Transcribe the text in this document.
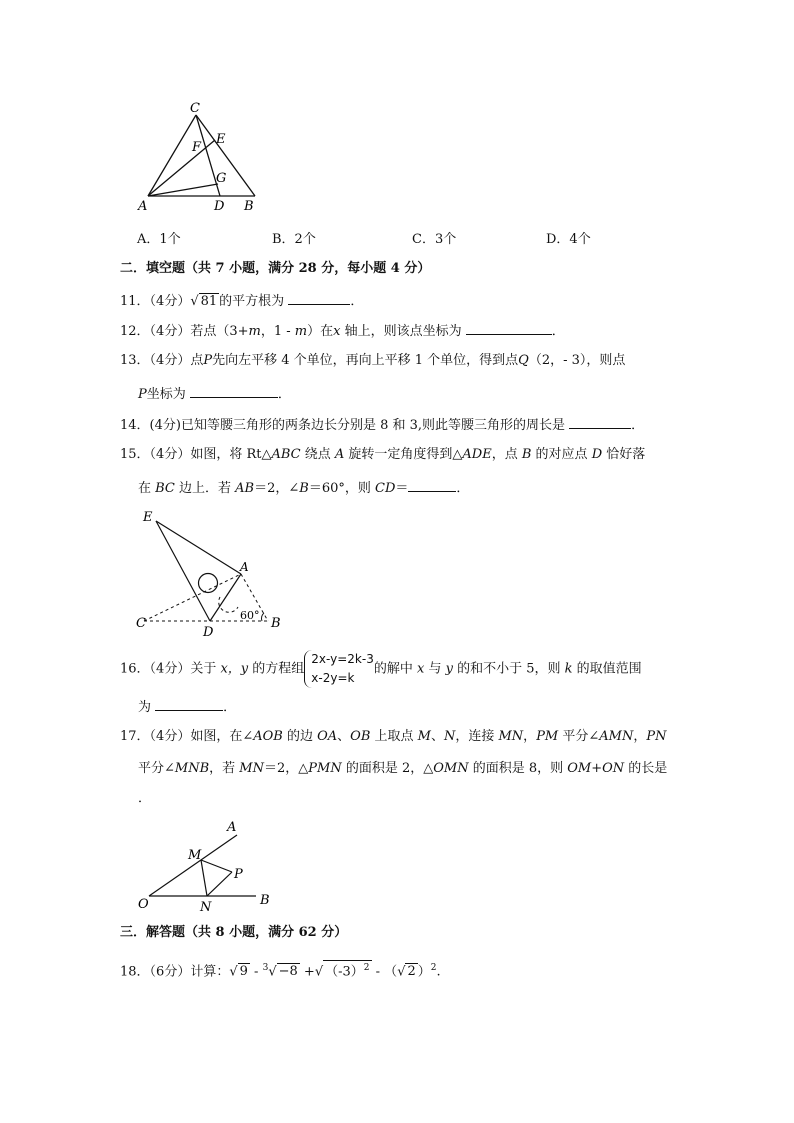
C
E
F
G
A	D B
A．1个	B．2个	C．3个	D．4个
二．填空题（共 7 小题，满分 28 分，每小题 4 分）
11．（4分）√ 81 的平方根为	．
12．（4分）若点（3+m，1 - m）在x 轴上，则该点坐标为	．
13．（4分）点P先向左平移 4 个单位，再向上平移 1 个单位，得到点Q（2，- 3），则点
P坐标为	．
14．(4分)已知等腰三角形的两条边长分别是 8 和 3,则此等腰三角形的周长是	．
15．（4分）如图，将 Rt△ABC 绕点 A 旋转一定角度得到△ADE，点 B 的对应点 D 恰好落
在 BC 边上．若 AB＝2，∠B＝60°，则 CD＝	．
E
A
C
D
B
60°
16．（4分）关于 x，y 的方程组2x-y=2k-3
x-2y=k的解中 x 与 y 的和不小于 5，则 k 的取值范围
为	．
17．（4分）如图，在∠AOB 的边 OA、OB 上取点 M、N，连接 MN，PM 平分∠AMN，PN
平分∠MNB，若 MN＝2，△PMN 的面积是 2，△OMN 的面积是 8，则 OM+ON 的长是
．
A
M
P
O	N	B
三．解答题（共 8 小题，满分 62 分）
18．（6分）计算：√ 9 - $^3$√ −8 +√ $(-3)^2$ - （√ 2 ）$^2$.
